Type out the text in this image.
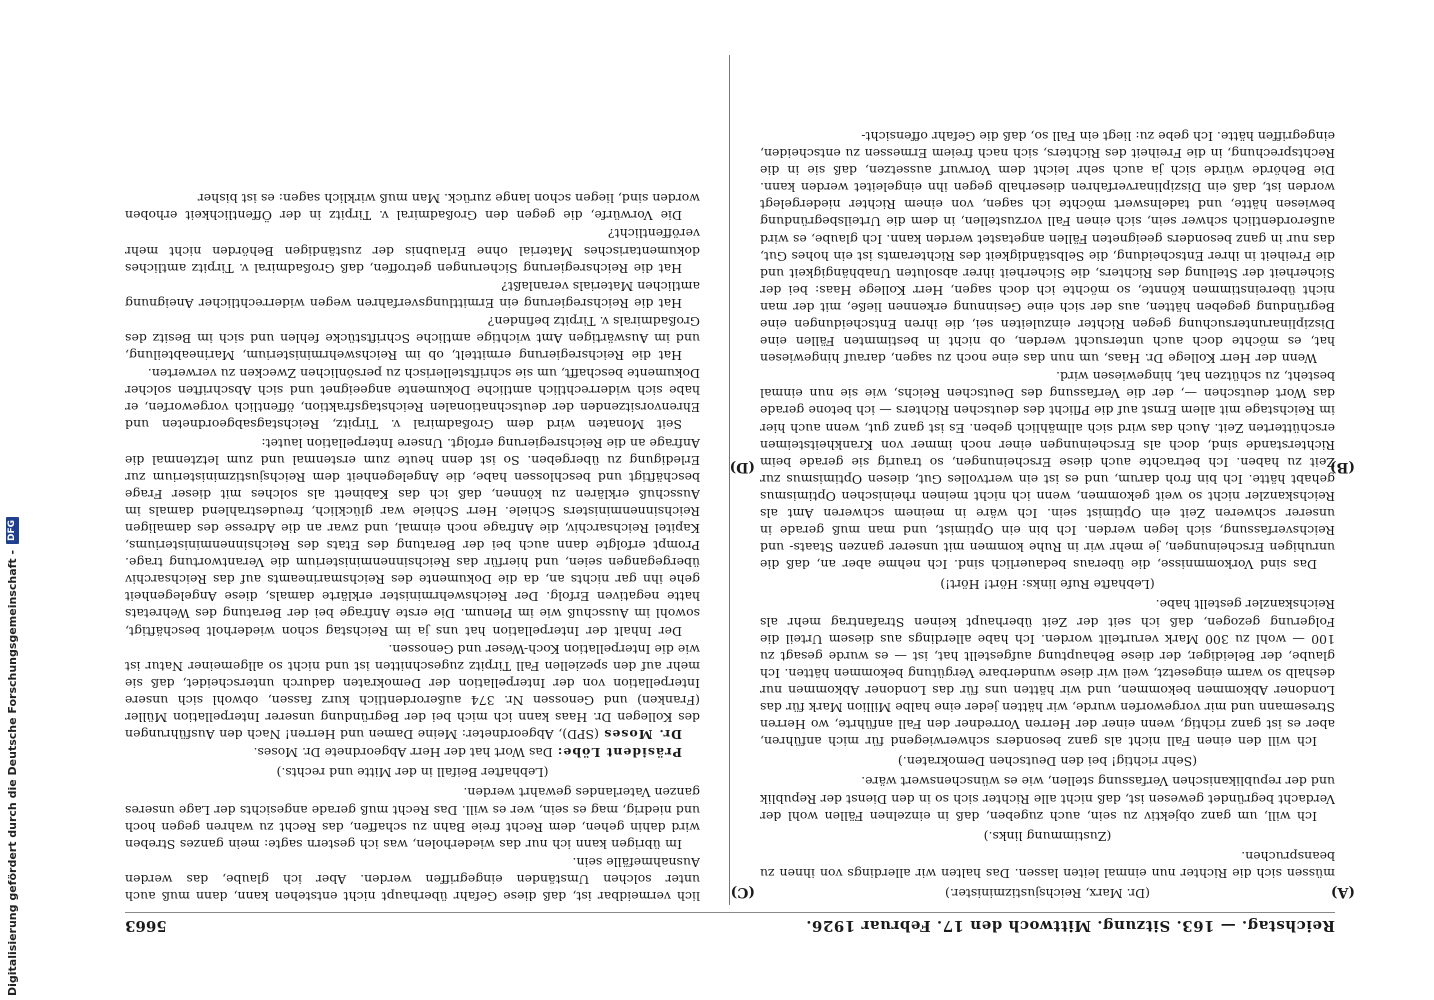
Digitalisierung gefördert durch die Deutsche Forschungsgemeinschaft -
DFG
Reichstag. — 163. Sitzung. Mittwoch den 17. Februar 1926.
5663
(A)
(B)
(C)
(D)

(Dr. Marx, Reichsjustizminister.)

müssen sich die Richter nun einmal leiten lassen. Das halten wir allerdings von ihnen zu beanspruchen.

(Zustimmung links.)

Ich will, um ganz objektiv zu sein, auch zugeben, daß in einzelnen Fällen wohl der Verdacht begründet gewesen ist, daß nicht alle Richter sich so in den Dienst der Republik und der republikanischen Verfassung stellen, wie es wünschenswert wäre.

(Sehr richtig! bei den Deutschen Demokraten.)

Ich will den einen Fall nicht als ganz besonders schwerwiegend für mich anführen, aber es ist ganz richtig, wenn einer der Herren Vorredner den Fall anführte, wo Herren Stresemann und mir vorgeworfen wurde, wir hätten jeder eine halbe Million Mark für das Londoner Abkommen bekommen, und wir hätten uns für das Londoner Abkommen nur deshalb so warm eingesetzt, weil wir diese wunderbare Vergütung bekommen hätten. Ich glaube, der Beleidiger, der diese Behauptung aufgestellt hat, ist — es wurde gesagt zu 100 — wohl zu 300 Mark verurteilt worden. Ich habe allerdings aus diesem Urteil die Folgerung gezogen, daß ich seit der Zeit überhaupt keinen Strafantrag mehr als Reichskanzler gestellt habe.

(Lebhafte Rufe links: Hört! Hört!)

Das sind Vorkommnisse, die überaus bedauerlich sind. Ich nehme aber an, daß die unruhigen Erscheinungen, je mehr wir in Ruhe kommen mit unserer ganzen Staats- und Reichsverfassung, sich legen werden. Ich bin ein Optimist, und man muß gerade in unserer schweren Zeit ein Optimist sein. Ich wäre in meinem schweren Amt als Reichskanzler nicht so weit gekommen, wenn ich nicht meinen rheinischen Optimismus gehabt hätte. Ich bin froh darum, und es ist ein wertvolles Gut, diesen Optimismus zur Zeit zu haben. Ich betrachte auch diese Erscheinungen, so traurig sie gerade beim Richterstande sind, doch als Erscheinungen einer noch immer von Krankheitsteimen erschütterten Zeit. Auch das wird sich allmählich geben. Es ist ganz gut, wenn auch hier im Reichstage mit allem Ernst auf die Pflicht des deutschen Richters — ich betone gerade das Wort deutschen —, der die Verfassung des Deutschen Reichs, wie sie nun einmal besteht, zu schützen hat, hingewiesen wird.

Wenn der Herr Kollege Dr. Haas, um nun das eine noch zu sagen, darauf hingewiesen hat, es möchte doch auch untersucht werden, ob nicht in bestimmten Fällen eine Disziplinaruntersuchung gegen Richter einzuleiten sei, die ihren Entscheidungen eine Begründung gegeben hätten, aus der sich eine Gesinnung erkennen ließe, mit der man nicht übereinstimmen könnte, so möchte ich doch sagen, Herr Kollege Haas: bei der Sicherheit der Stellung des Richters, die Sicherheit ihrer absoluten Unabhängigkeit und die Freiheit in ihrer Entscheidung, die Selbständigkeit des Richteramts ist ein hohes Gut, das nur in ganz besonders geeigneten Fällen angetastet werden kann. Ich glaube, es wird außerordentlich schwer sein, sich einen Fall vorzustellen, in dem die Urteilsbegründung bewiesen hätte, und tadelnswert möchte ich sagen, von einem Richter niedergelegt worden ist, daß ein Disziplinarverfahren dieserhalb gegen ihn eingeleitet werden kann. Die Behörde würde sich ja auch sehr leicht dem Vorwurf aussetzen, daß sie in die Rechtsprechung, in die Freiheit des Richters, sich nach freiem Ermessen zu entscheiden, eingegriffen hätte. Ich gebe zu: liegt ein Fall so, daß die Gefahr offensicht-

lich vermeidbar ist, daß diese Gefahr überhaupt nicht entstehen kann, dann muß auch unter solchen Umständen eingegriffen werden. Aber ich glaube, das werden Ausnahmefälle sein.

Im übrigen kann ich nur das wiederholen, was ich gestern sagte: mein ganzes Streben wird dahin gehen, dem Recht freie Bahn zu schaffen, das Recht zu wahren gegen hoch und niedrig, mag es sein, wer es will. Das Recht muß gerade angesichts der Lage unseres ganzen Vaterlandes gewahrt werden.

(Lebhafter Beifall in der Mitte und rechts.)

Präsident Löbe: Das Wort hat der Herr Abgeordnete Dr. Moses.

Dr. Moses (SPD), Abgeordneter: Meine Damen und Herren! Nach den Ausführungen des Kollegen Dr. Haas kann ich mich bei der Begründung unserer Interpellation Müller (Franken) und Genossen Nr. 374 außerordentlich kurz fassen, obwohl sich unsere Interpellation von der Interpellation der Demokraten dadurch unterscheidet, daß sie mehr auf den speziellen Fall Tirpitz zugeschnitten ist und nicht so allgemeiner Natur ist wie die Interpellation Koch-Weser und Genossen.

Der Inhalt der Interpellation hat uns ja im Reichstag schon wiederholt beschäftigt, sowohl im Ausschuß wie im Plenum. Die erste Anfrage bei der Beratung des Wehretats hatte negativen Erfolg. Der Reichswehrminister erklärte damals, diese Angelegenheit gehe ihn gar nichts an, da die Dokumente des Reichsmarineamts auf das Reichsarchiv übergegangen seien, und hierfür das Reichsinnenministerium die Verantwortung trage. Prompt erfolgte dann auch bei der Beratung des Etats des Reichsinnenministeriums, Kapitel Reichsarchiv, die Anfrage noch einmal, und zwar an die Adresse des damaligen Reichsinnenministers Schiele. Herr Schiele war glücklich, freudestrahlend damals im Ausschuß erklären zu können, daß ich das Kabinett als solches mit dieser Frage beschäftigt und beschlossen habe, die Angelegenheit dem Reichsjustizministerium zur Erledigung zu übergeben. So ist denn heute zum erstenmal und zum letztenmal die Anfrage an die Reichsregierung erfolgt. Unsere Interpellation lautet:

Seit Monaten wird dem Großadmiral v. Tirpitz, Reichstagsabgeordneten und Ehrenvorsitzenden der deutschnationalen Reichstagsfraktion, öffentlich vorgeworfen, er habe sich widerrechtlich amtliche Dokumente angeeignet und sich Abschriften solcher Dokumente beschafft, um sie schriftstellerisch zu persönlichen Zwecken zu verwerten.

Hat die Reichsregierung ermittelt, ob im Reichswehrministerium, Marineabteilung, und im Auswärtigen Amt wichtige amtliche Schriftstücke fehlen und sich im Besitz des Großadmirals v. Tirpitz befinden?

Hat die Reichsregierung ein Ermittlungsverfahren wegen widerrechtlicher Aneignung amtlichen Materials veranlaßt?

Hat die Reichsregierung Sicherungen getroffen, daß Großadmiral v. Tirpitz amtliches dokumentarisches Material ohne Erlaubnis der zuständigen Behörden nicht mehr veröffentlicht?

Die Vorwürfe, die gegen den Großadmiral v. Tirpitz in der Öffentlichkeit erhoben worden sind, liegen schon lange zurück. Man muß wirklich sagen: es ist bisher
